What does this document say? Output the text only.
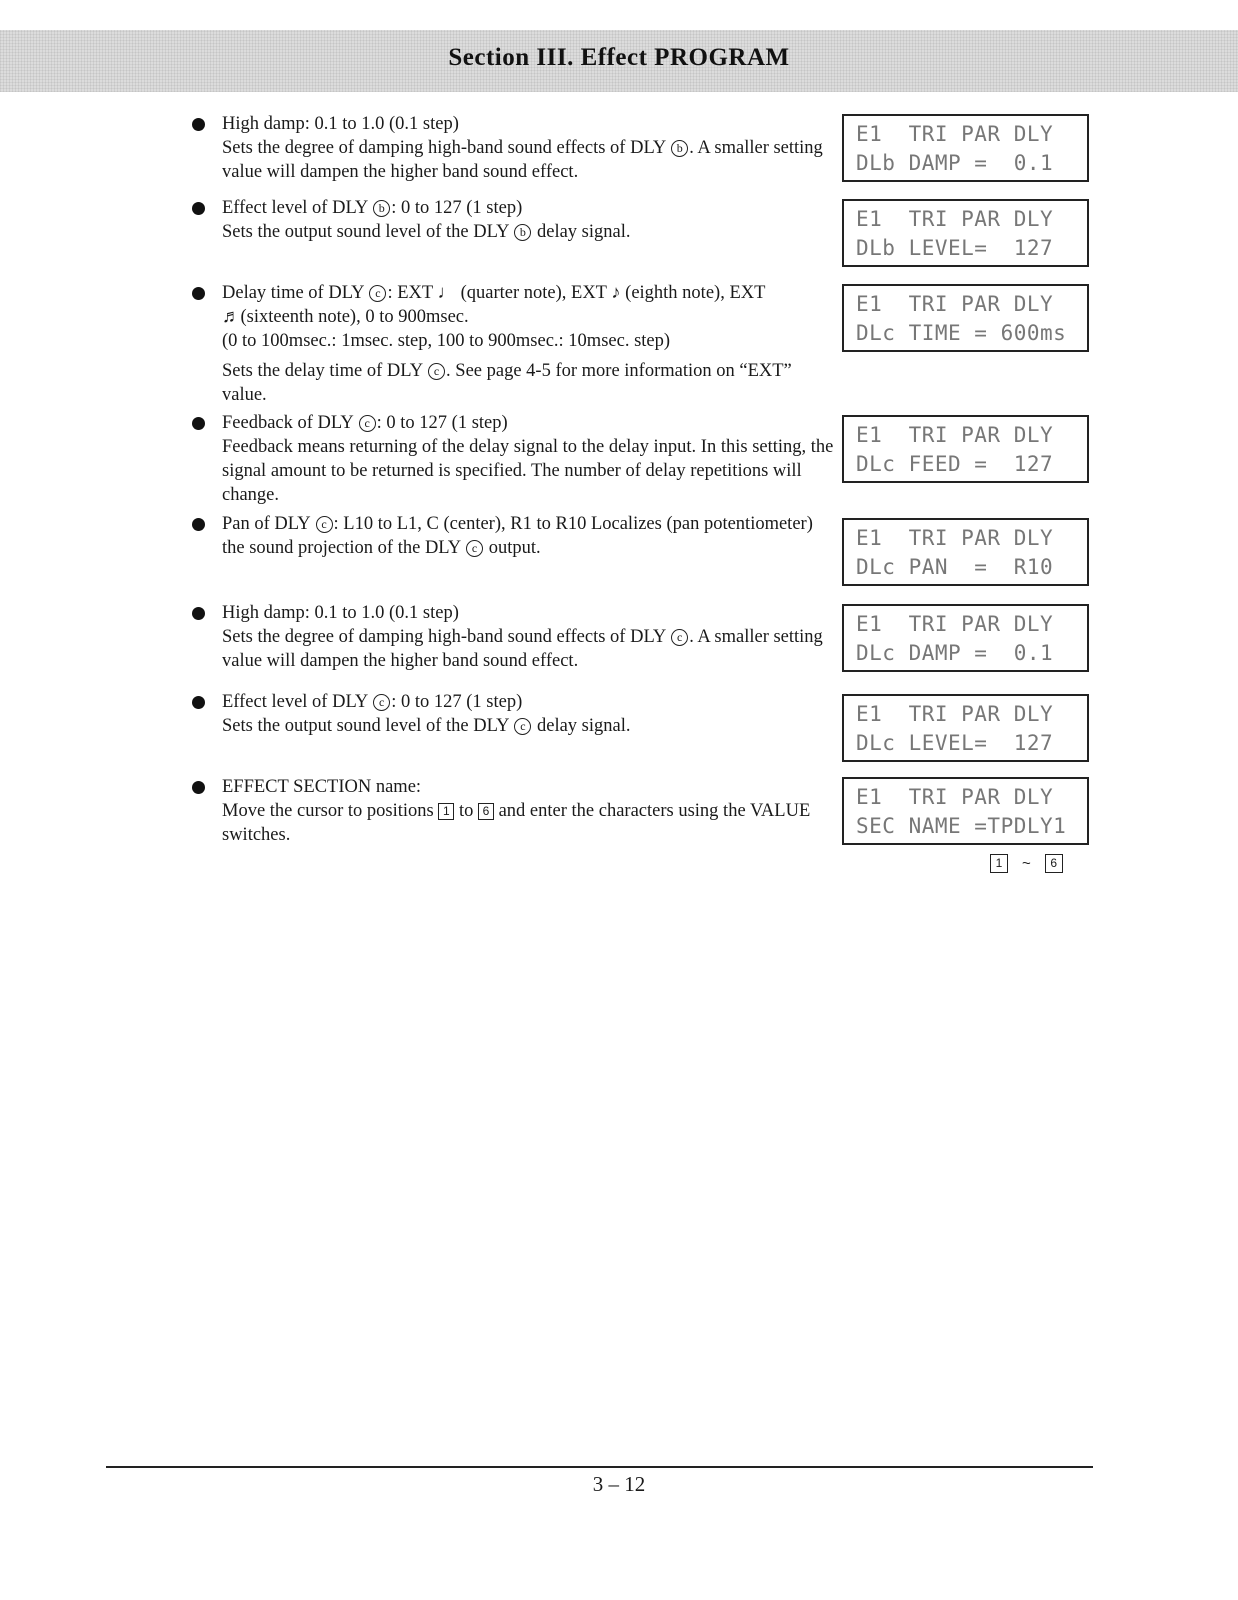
Section III. Effect PROGRAM

High damp: 0.1 to 1.0 (0.1 step)

Sets the degree of damping high-band sound effects of DLY b . A smaller setting value will dampen the higher band sound effect.

Effect level of DLY b : 0 to 127 (1 step)

Sets the output sound level of the DLY b delay signal.

Delay time of DLY c : EXT ♩ (quarter note), EXT ♪ (eighth note), EXT ♬(sixteenth note), 0 to 900msec.

(0 to 100msec.: 1msec. step, 100 to 900msec.: 10msec. step)

Sets the delay time of DLY c . See page 4-5 for more information on “EXT” value.

Feedback of DLY c : 0 to 127 (1 step)

Feedback means returning of the delay signal to the delay input. In this setting, the signal amount to be returned is specified. The number of delay repetitions will change.

Pan of DLY c : L10 to L1, C (center), R1 to R10 Localizes (pan potentiometer) the sound projection of the DLY c output.

High damp: 0.1 to 1.0 (0.1 step)

Sets the degree of damping high-band sound effects of DLY c . A smaller setting value will dampen the higher band sound effect.

Effect level of DLY c : 0 to 127 (1 step)

Sets the output sound level of the DLY c delay signal.

EFFECT SECTION name:

Move the cursor to positions 1 to 6 and enter the characters using the VALUE switches.

E1  TRI PAR DLY
DLb DAMP =  0.1
E1  TRI PAR DLY
DLb LEVEL=  127
E1  TRI PAR DLY
DLc TIME = 600ms
E1  TRI PAR DLY
DLc FEED =  127
E1  TRI PAR DLY
DLc PAN  =  R10
E1  TRI PAR DLY
DLc DAMP =  0.1
E1  TRI PAR DLY
DLc LEVEL=  127
E1  TRI PAR DLY
SEC NAME =TPDLY1
1 ~ 6
3 – 12
